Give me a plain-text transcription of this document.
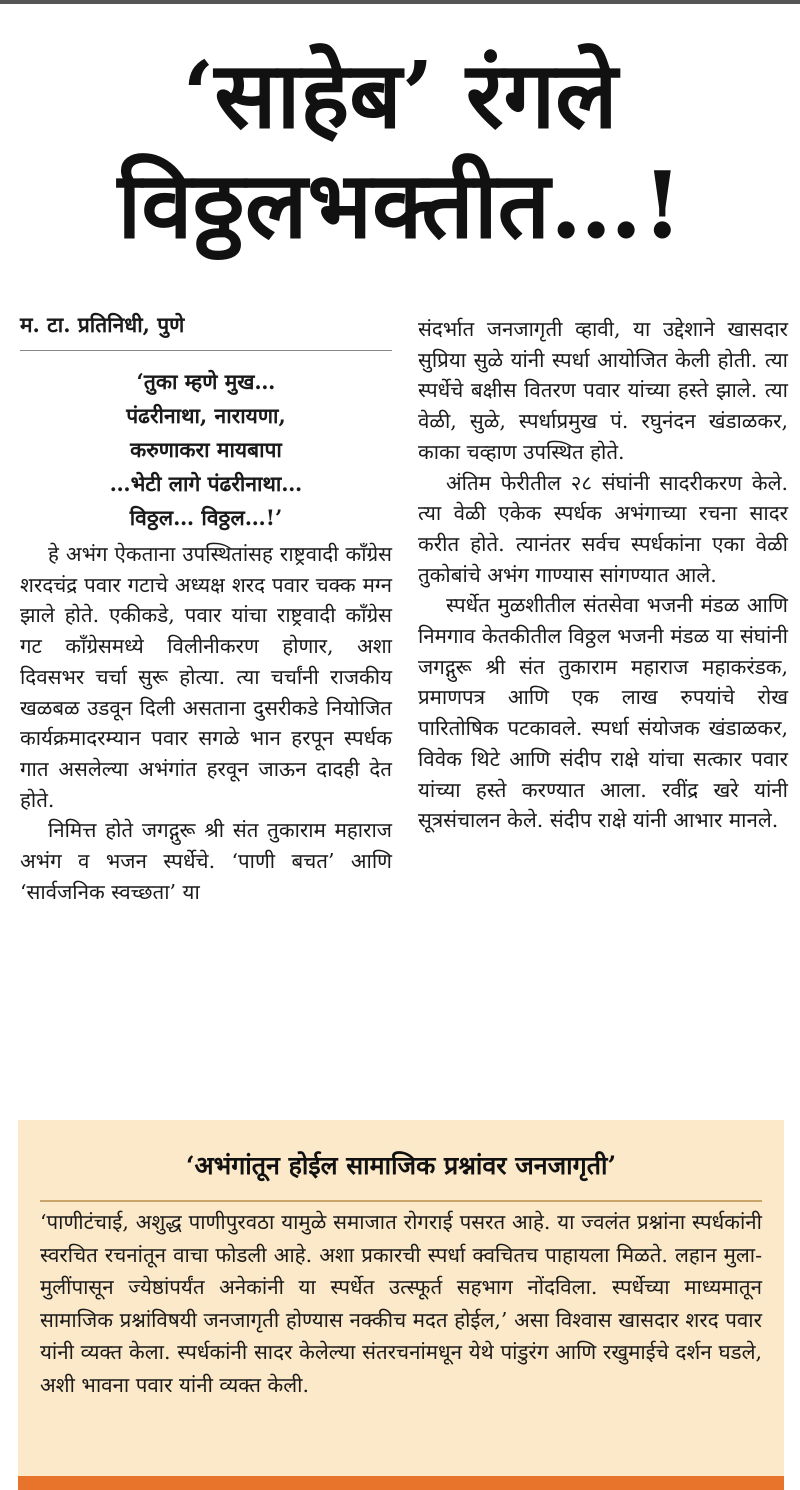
‘साहेब’ रंगले
विठ्ठलभक्तीत…!
म. टा. प्रतिनिधी, पुणे
‘तुका म्हणे मुख…
पंढरीनाथा, नारायणा,
करुणाकरा मायबापा
…भेटी लागे पंढरीनाथा…
विठ्ठल… विठ्ठल…!’

हे अभंग ऐकताना उपस्थितांसह राष्ट्रवादी काँग्रेस शरदचंद्र पवार गटाचे अध्यक्ष शरद पवार चक्क मग्न झाले होते. एकीकडे, पवार यांचा राष्ट्रवादी काँग्रेस गट काँग्रेसमध्ये विलीनीकरण होणार, अशा दिवसभर चर्चा सुरू होत्या. त्या चर्चांनी राजकीय खळबळ उडवून दिली असताना दुसरीकडे नियोजित कार्यक्रमादरम्यान पवार सगळे भान हरपून स्पर्धक गात असलेल्या अभंगांत हरवून जाऊन दादही देत होते.

निमित्त होते जगद्गुरू श्री संत तुकाराम महाराज अभंग व भजन स्पर्धेचे. ‘पाणी बचत’ आणि ‘सार्वजनिक स्वच्छता’ या

संदर्भात जनजागृती व्हावी, या उद्देशाने खासदार सुप्रिया सुळे यांनी स्पर्धा आयोजित केली होती. त्या स्पर्धेचे बक्षीस वितरण पवार यांच्या हस्ते झाले. त्या वेळी, सुळे, स्पर्धाप्रमुख पं. रघुनंदन खंडाळकर, काका चव्हाण उपस्थित होते.

अंतिम फेरीतील २८ संघांनी सादरीकरण केले. त्या वेळी एकेक स्पर्धक अभंगाच्या रचना सादर करीत होते. त्यानंतर सर्वच स्पर्धकांना एका वेळी तुकोबांचे अभंग गाण्यास सांगण्यात आले.

स्पर्धेत मुळशीतील संतसेवा भजनी मंडळ आणि निमगाव केतकीतील विठ्ठल भजनी मंडळ या संघांनी जगद्गुरू श्री संत तुकाराम महाराज महाकरंडक, प्रमाणपत्र आणि एक लाख रुपयांचे रोख पारितोषिक पटकावले. स्पर्धा संयोजक खंडाळकर, विवेक थिटे आणि संदीप राक्षे यांचा सत्कार पवार यांच्या हस्ते करण्यात आला. रवींद्र खरे यांनी सूत्रसंचालन केले. संदीप राक्षे यांनी आभार मानले.

‘अभंगांतून होईल सामाजिक प्रश्नांवर जनजागृती’
‘पाणीटंचाई, अशुद्ध पाणीपुरवठा यामुळे समाजात रोगराई पसरत आहे. या ज्वलंत प्रश्नांना स्पर्धकांनी स्वरचित रचनांतून वाचा फोडली आहे. अशा प्रकारची स्पर्धा क्वचितच पाहायला मिळते. लहान मुला-मुलींपासून ज्येष्ठांपर्यंत अनेकांनी या स्पर्धेत उत्स्फूर्त सहभाग नोंदविला. स्पर्धेच्या माध्यमातून सामाजिक प्रश्नांविषयी जनजागृती होण्यास नक्कीच मदत होईल,’ असा विश्वास खासदार शरद पवार यांनी व्यक्त केला. स्पर्धकांनी सादर केलेल्या संतरचनांमधून येथे पांडुरंग आणि रखुमाईचे दर्शन घडले, अशी भावना पवार यांनी व्यक्त केली.
